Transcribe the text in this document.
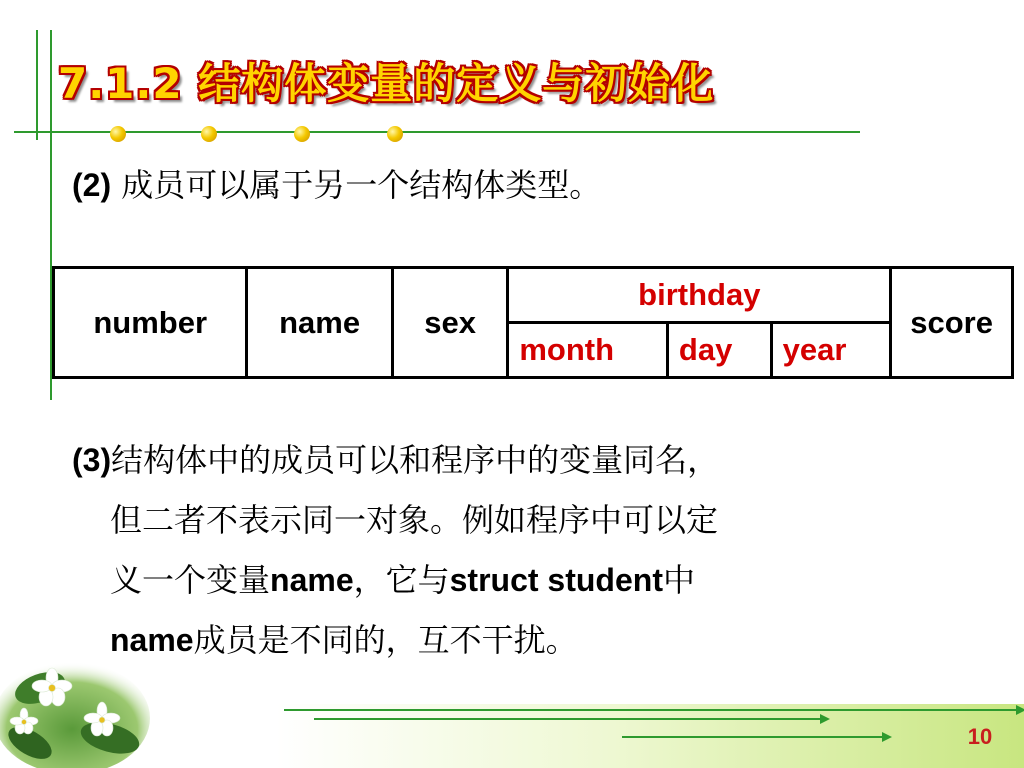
7.1.2 结构体变量的定义与初始化

(2) 成员可以属于另一个结构体类型。

number	name	sex	birthday			score
			month	day	year	
(3)结构体中的成员可以和程序中的变量同名，
但二者不表示同一对象。例如程序中可以定
义一个变量name，它与struct student中
name成员是不同的，互不干扰。
10
